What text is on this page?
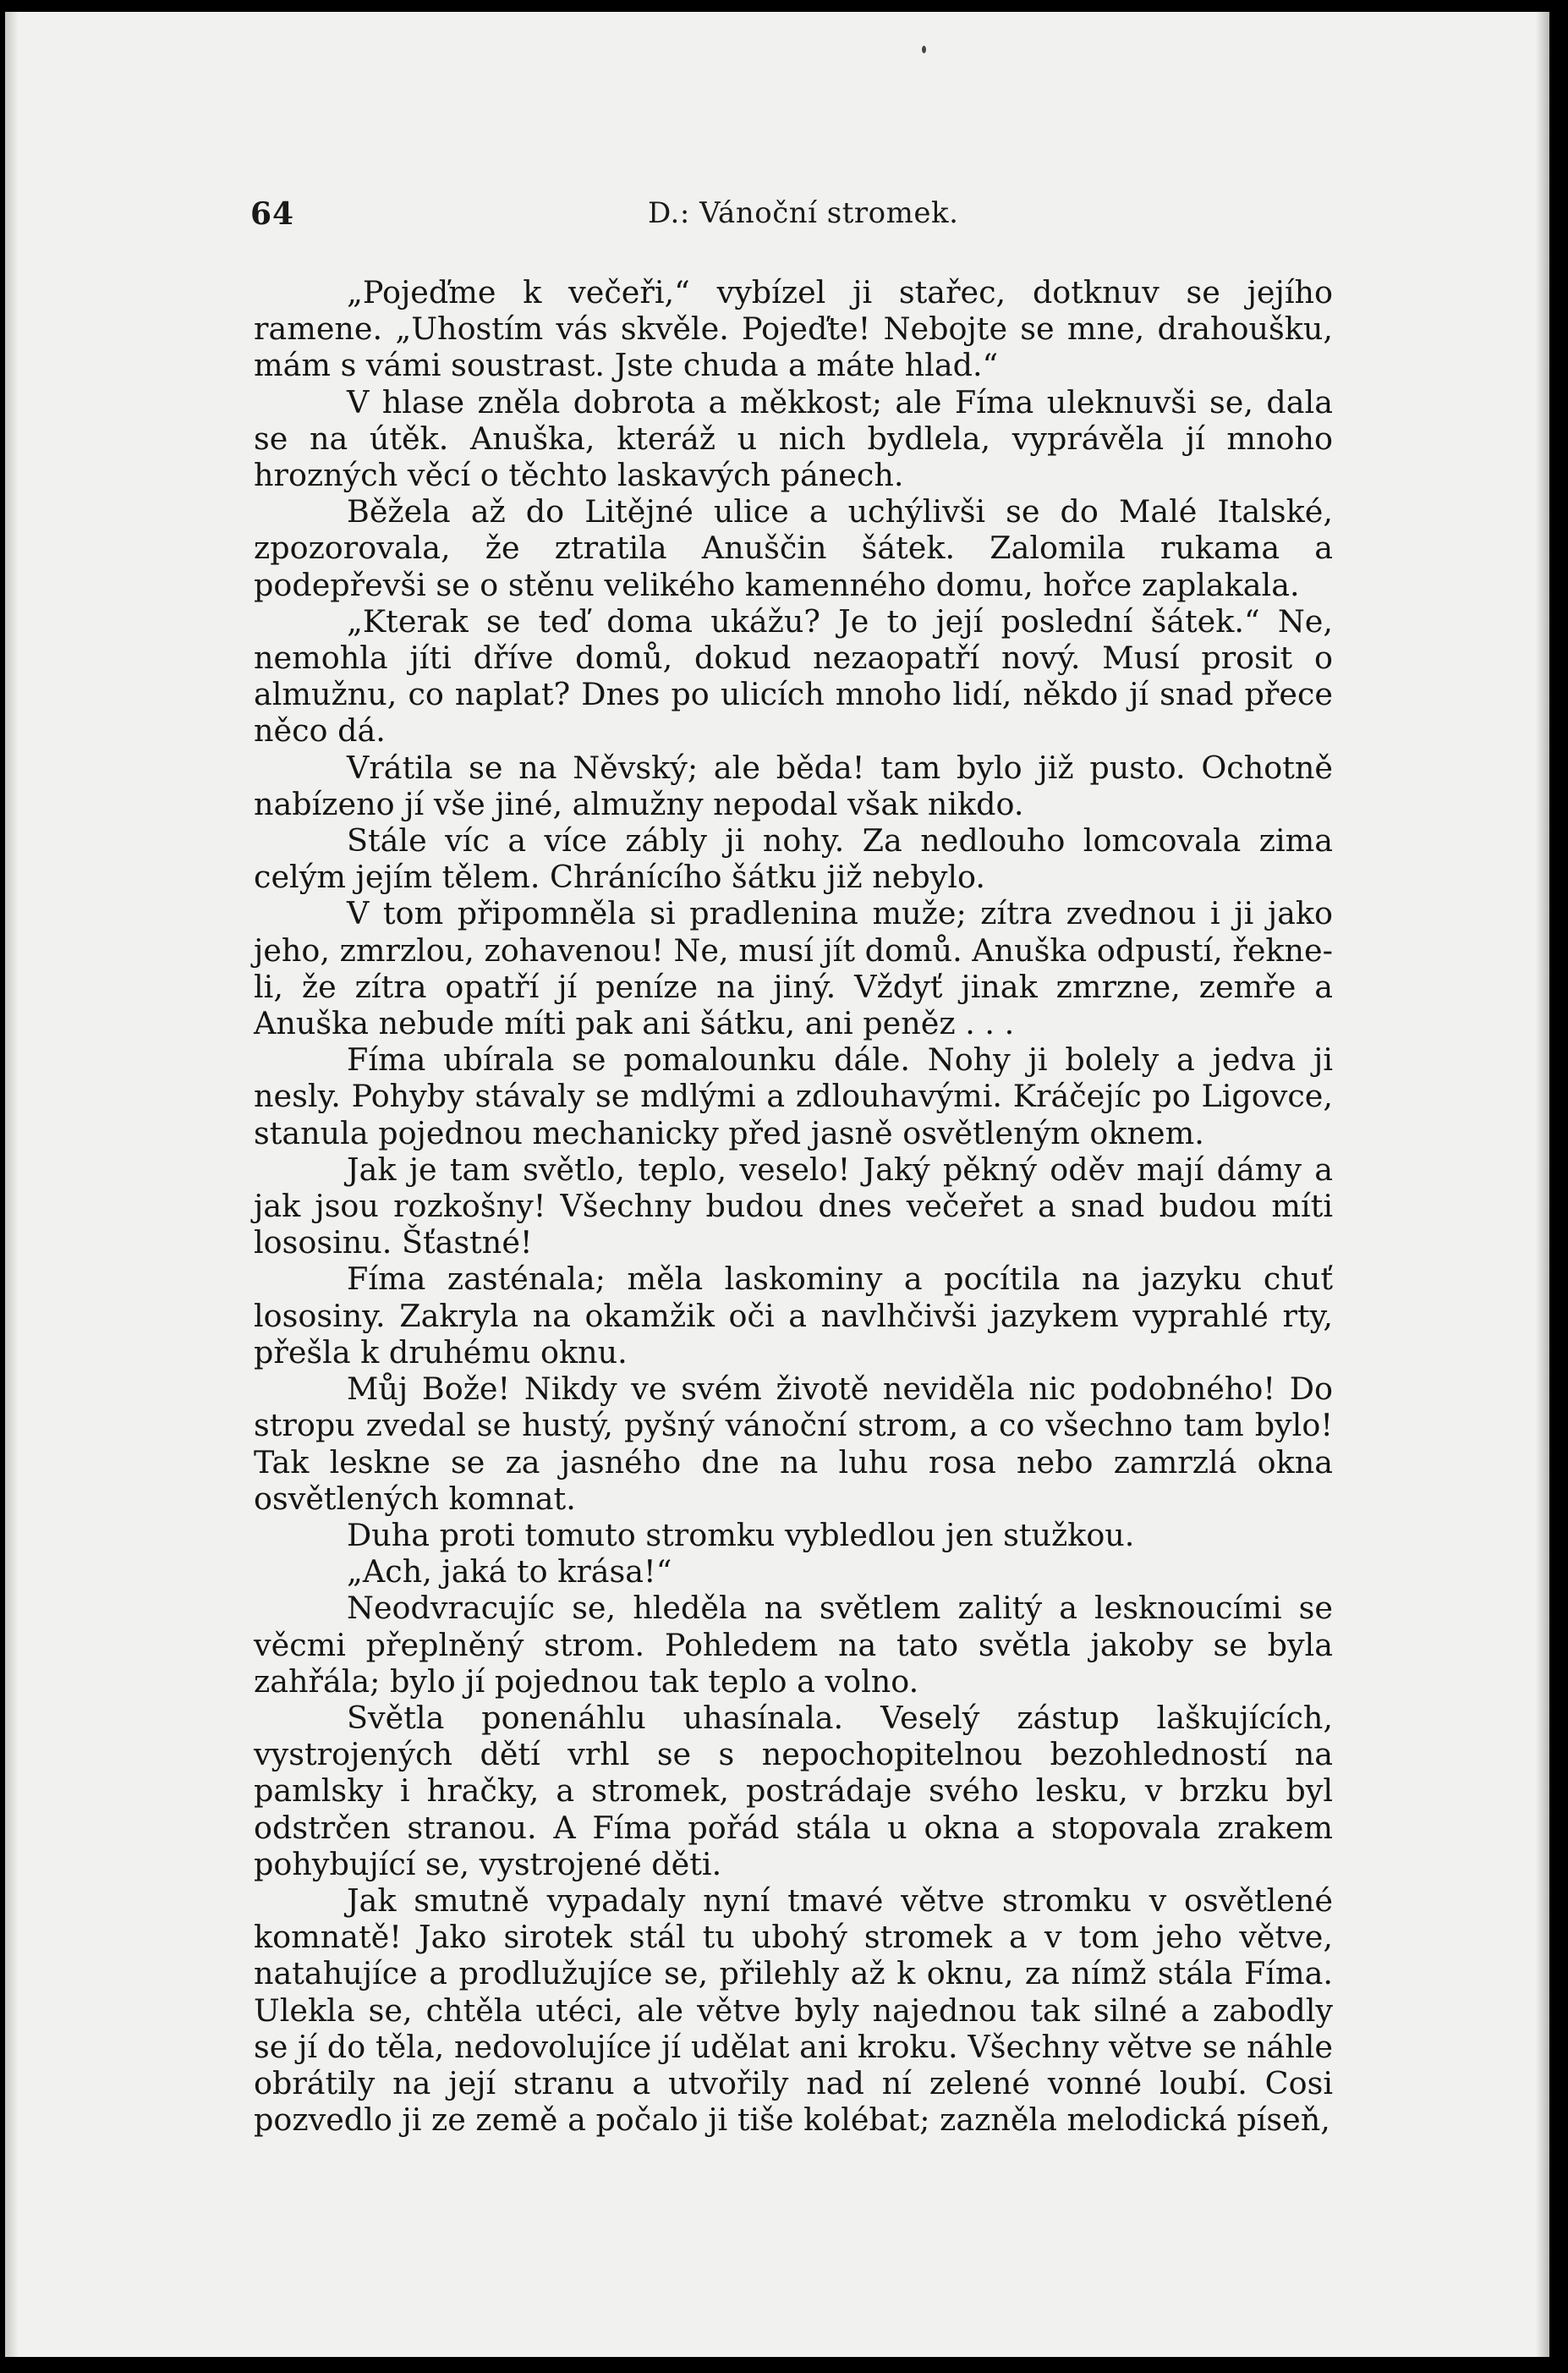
64	D.: Vánoční stromek.

„Pojeďme k večeři,“ vybízel ji stařec, dotknuv se jejího ramene. „Uhostím vás skvěle. Pojeďte! Nebojte se mne, drahoušku, mám s vámi soustrast. Jste chuda a máte hlad.“

V hlase zněla dobrota a měkkost; ale Fíma uleknuvši se, dala se na útěk. Anuška, kteráž u nich bydlela, vyprávěla jí mnoho hrozných věcí o těchto laskavých pánech.

Běžela až do Litějné ulice a uchýlivši se do Malé Italské, zpozorovala, že ztratila Anuščin šátek. Zalomila rukama a podepřevši se o stěnu velikého kamenného domu, hořce zaplakala.

„Kterak se teď doma ukážu? Je to její poslední šátek.“ Ne, nemohla jíti dříve domů, dokud nezaopatří nový. Musí prosit o almužnu, co naplat? Dnes po ulicích mnoho lidí, někdo jí snad přece něco dá.

Vrátila se na Něvský; ale běda! tam bylo již pusto. Ochotně nabízeno jí vše jiné, almužny nepodal však nikdo.

Stále víc a více zábly ji nohy. Za nedlouho lomcovala zima celým jejím tělem. Chránícího šátku již nebylo.

V tom připomněla si pradlenina muže; zítra zvednou i ji jako jeho, zmrzlou, zohavenou! Ne, musí jít domů. Anuška odpustí, řekne-li, že zítra opatří jí peníze na jiný. Vždyť jinak zmrzne, zemře a Anuška nebude míti pak ani šátku, ani peněz . . .

Fíma ubírala se pomalounku dále. Nohy ji bolely a jedva ji nesly. Pohyby stávaly se mdlými a zdlouhavými. Kráčejíc po Ligovce, stanula pojednou mechanicky před jasně osvětleným oknem.

Jak je tam světlo, teplo, veselo! Jaký pěkný oděv mají dámy a jak jsou rozkošny! Všechny budou dnes večeřet a snad budou míti lososinu. Šťastné!

Fíma zasténala; měla laskominy a pocítila na jazyku chuť lososiny. Zakryla na okamžik oči a navlhčivši jazykem vyprahlé rty, přešla k druhému oknu.

Můj Bože! Nikdy ve svém životě neviděla nic podobného! Do stropu zvedal se hustý, pyšný vánoční strom, a co všechno tam bylo! Tak leskne se za jasného dne na luhu rosa nebo zamrzlá okna osvětlených komnat.

Duha proti tomuto stromku vybledlou jen stužkou.

„Ach, jaká to krása!“

Neodvracujíc se, hleděla na světlem zalitý a lesknoucími se věcmi přeplněný strom. Pohledem na tato světla jakoby se byla zahřála; bylo jí pojednou tak teplo a volno.

Světla ponenáhlu uhasínala. Veselý zástup laškujících, vystrojených dětí vrhl se s nepochopitelnou bezohledností na pamlsky i hračky, a stromek, postrádaje svého lesku, v brzku byl odstrčen stranou. A Fíma pořád stála u okna a stopovala zrakem pohybující se, vystrojené děti.

Jak smutně vypadaly nyní tmavé větve stromku v osvětlené komnatě! Jako sirotek stál tu ubohý stromek a v tom jeho větve, natahujíce a prodlužujíce se, přilehly až k oknu, za nímž stála Fíma. Ulekla se, chtěla utéci, ale větve byly najednou tak silné a zabodly se jí do těla, nedovolujíce jí udělat ani kroku. Všechny větve se náhle obrátily na její stranu a utvořily nad ní zelené vonné loubí. Cosi pozvedlo ji ze země a počalo ji tiše kolébat; zazněla melodická píseň,
